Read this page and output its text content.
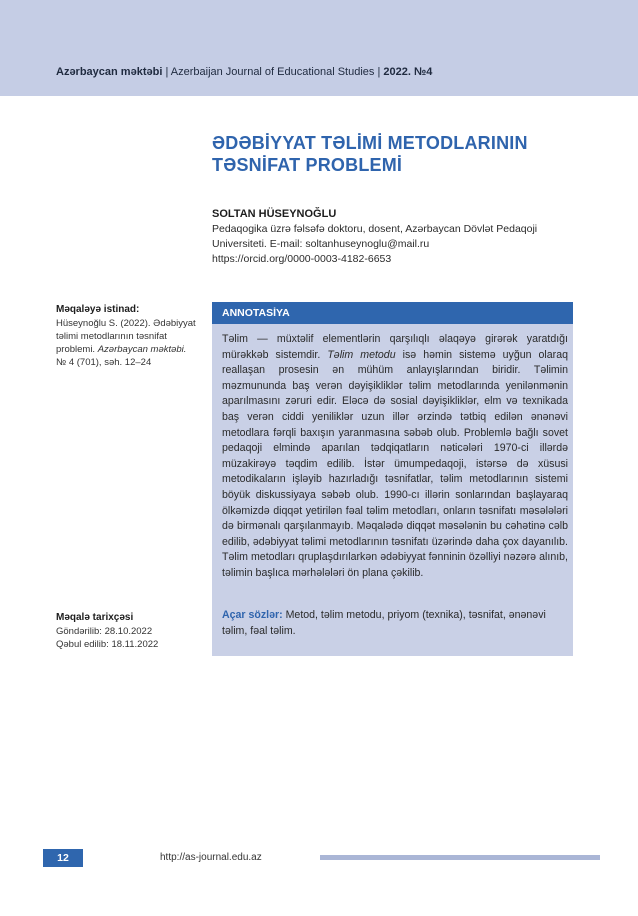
Azərbaycan məktəbi | Azerbaijan Journal of Educational Studies | 2022. №4
ƏDƏBİYYAT TƏLİMİ METODLARININ
TƏSNİFAT PROBLEMİ
SOLTAN HÜSEYNOĞLU
Pedaqogika üzrə fəlsəfə doktoru, dosent, Azərbaycan Dövlət Pedaqoji
Universiteti. E-mail: soltanhuseynoglu@mail.ru
https://orcid.org/0000-0003-4182-6653
Məqaləyə istinad:
Hüseynoğlu S. (2022). Ədəbiyyat
təlimi metodlarının təsnifat
problemi. Azərbaycan məktəbi.
№ 4 (701), səh. 12–24
Məqalə tarixçəsi
Göndərilib: 28.10.2022
Qəbul edilib: 18.11.2022
ANNOTASİYA
Təlim — müxtəlif elementlərin qarşılıqlı əlaqəyə girərək yaratdığı mürəkkəb sistemdir. Təlim metodu isə həmin sistemə uyğun olaraq reallaşan prosesin ən mühüm anlayışlarından biridir. Təlimin məzmununda baş verən dəyişikliklər təlim metodlarında yenilənmənin aparılmasını zəruri edir. Eləcə də sosial dəyişikliklər, elm və texnikada baş verən ciddi yeniliklər uzun illər ərzində tətbiq edilən ənənəvi metodlara fərqli baxışın yaranmasına səbəb olub. Problemlə bağlı sovet pedaqoji elmində aparılan tədqiqatların nəticələri 1970-ci illərdə müzakirəyə təqdim edilib. İstər ümumpedaqoji, istərsə də xüsusi metodikaların işləyib hazırladığı təsnifatlar, təlim metodlarının sistemi böyük diskussiyaya səbəb olub. 1990-cı illərin sonlarından başlayaraq ölkəmizdə diqqət yetirilən fəal təlim metodları, onların təsnifatı məsələləri də birmənalı qarşılanmayıb. Məqalədə diqqət məsələnin bu cəhətinə cəlb edilib, ədəbiyyat təlimi metodlarının təsnifatı üzərində daha çox dayanılıb. Təlim metodları qruplaşdırılarkən ədəbiyyat fənninin özəlliyi nəzərə alınıb, təlimin başlıca mərhələləri ön plana çəkilib.
Açar sözlər: Metod, təlim metodu, priyom (texnika), təsnifat, ənənəvi təlim, fəal təlim.
12	http://as-journal.edu.az
